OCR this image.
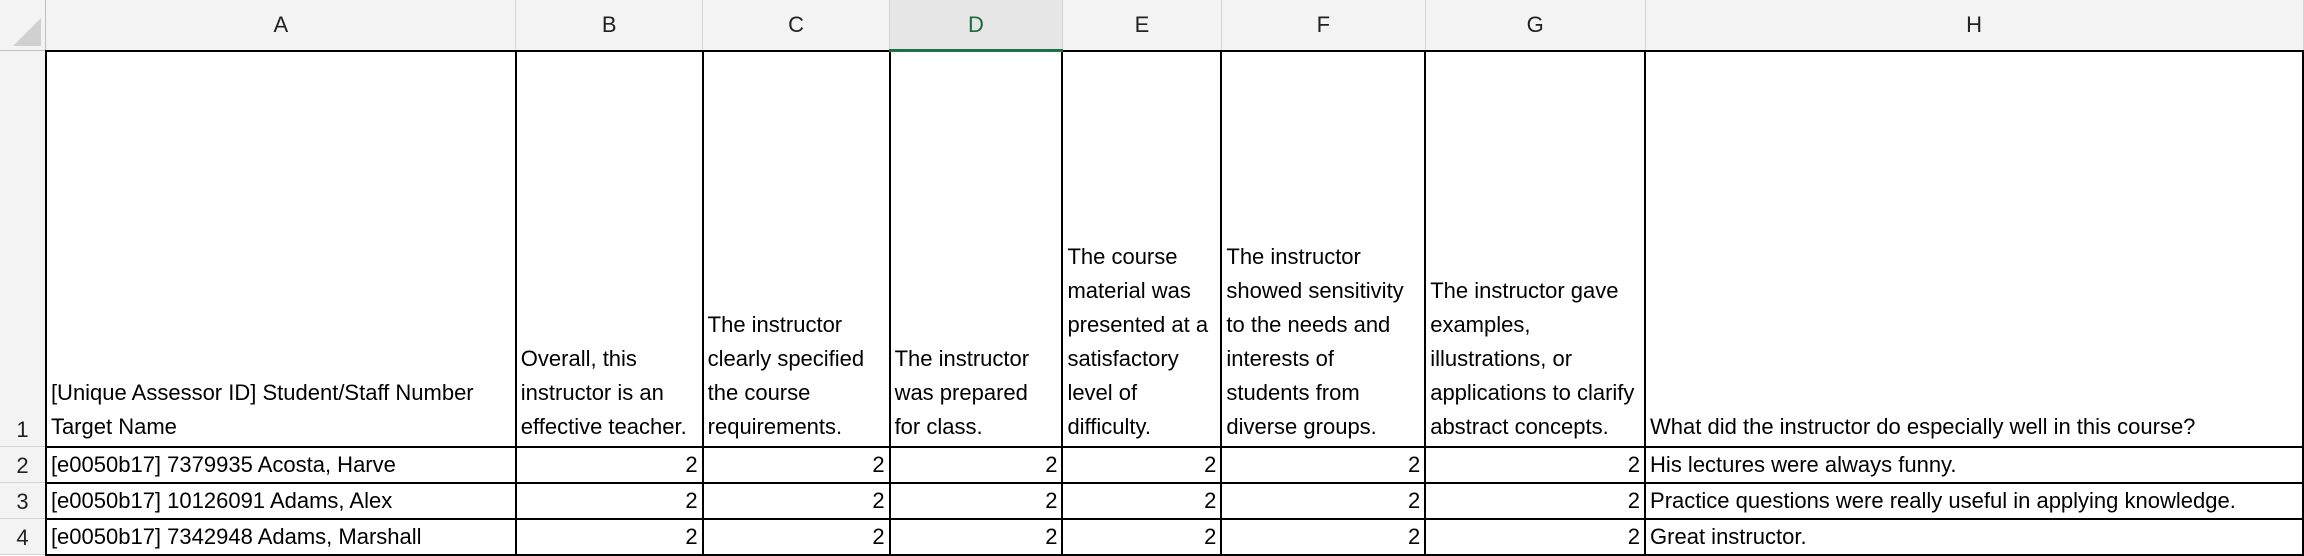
	A	B	C	D	E	F	G	H
1	[Unique Assessor ID] Student/Staff Number Target Name	Overall, this instructor is an effective teacher.	The instructor clearly specified the course requirements.	The instructor was prepared for class.	The course material was presented at a satisfactory level of difficulty.	The instructor showed sensitivity to the needs and interests of students from diverse groups.	The instructor gave examples, illustrations, or applications to clarify abstract concepts.	What did the instructor do especially well in this course?
2	[e0050b17] 7379935 Acosta, Harve	2	2	2	2	2	2	His lectures were always funny.
3	[e0050b17] 10126091 Adams, Alex	2	2	2	2	2	2	Practice questions were really useful in applying knowledge.
4	[e0050b17] 7342948 Adams, Marshall	2	2	2	2	2	2	Great instructor.
